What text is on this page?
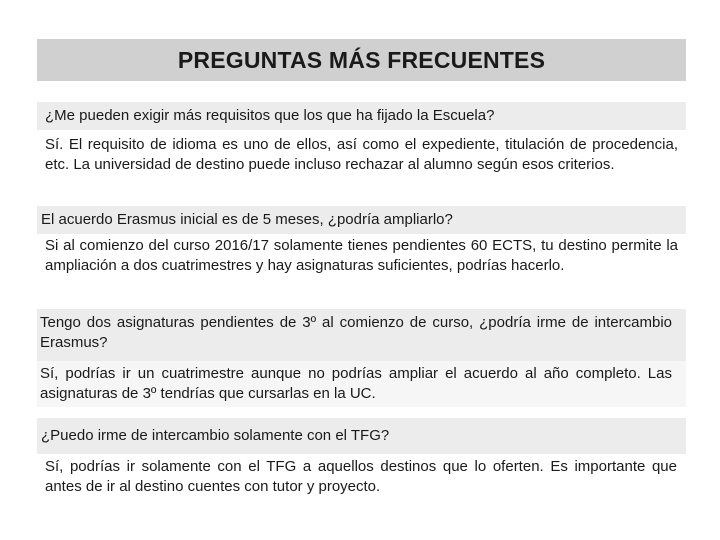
PREGUNTAS MÁS FRECUENTES
¿Me pueden exigir más requisitos que los que ha fijado la Escuela?
Sí. El requisito de idioma es uno de ellos, así como el expediente, titulación de procedencia, etc. La universidad de destino puede incluso rechazar al alumno según esos criterios.
El acuerdo Erasmus inicial es de 5 meses, ¿podría ampliarlo?
Si al comienzo del curso 2016/17 solamente tienes pendientes 60 ECTS, tu destino permite la ampliación a dos cuatrimestres y hay asignaturas suficientes, podrías hacerlo.
Tengo dos asignaturas pendientes de 3º al comienzo de curso, ¿podría irme de intercambio Erasmus?
Sí, podrías ir un cuatrimestre aunque no podrías ampliar el acuerdo al año completo. Las asignaturas de 3º tendrías que cursarlas en la UC.
¿Puedo irme de intercambio solamente con el TFG?
Sí, podrías ir solamente con el TFG a aquellos destinos que lo oferten. Es importante que antes de ir al destino cuentes con tutor y proyecto.
